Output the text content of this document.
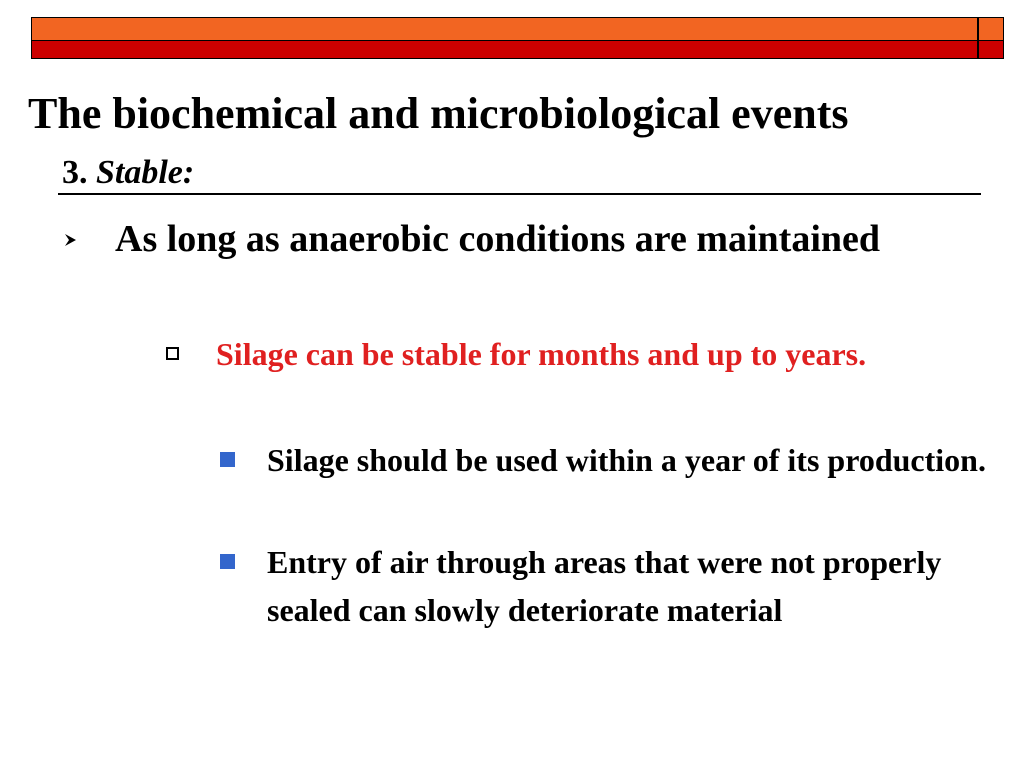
The biochemical and microbiological events
3. Stable:
As long as anaerobic conditions are maintained
Silage can be stable for months and up to years.
Silage should be used within a year of its production.
Entry of air through areas that were not properly sealed can slowly deteriorate material
